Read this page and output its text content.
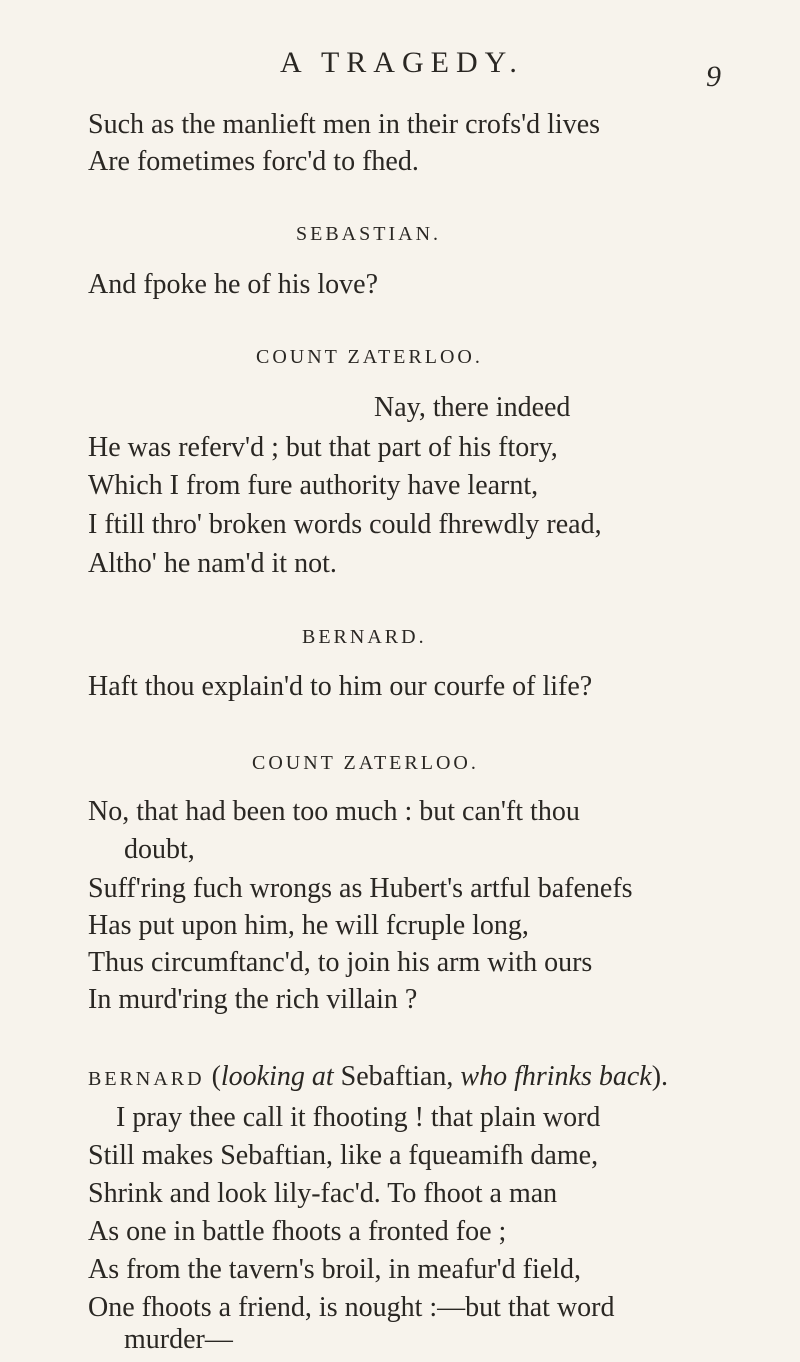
A TRAGEDY.	9
Such as the manlieft men in their crofs'd lives
Are fometimes forc'd to fhed.
SEBASTIAN.
And fpoke he of his love?
COUNT ZATERLOO.
Nay, there indeed
He was referv'd ; but that part of his ftory,
Which I from fure authority have learnt,
I ftill thro' broken words could fhrewdly read,
Altho' he nam'd it not.
BERNARD.
Haft thou explain'd to him our courfe of life?
COUNT ZATERLOO.
No, that had been too much : but can'ft thou
doubt,
Suff'ring fuch wrongs as Hubert's artful bafenefs
Has put upon him, he will fcruple long,
Thus circumftanc'd, to join his arm with ours
In murd'ring the rich villain ?
BERNARD (looking at Sebaftian, who fhrinks back).
I pray thee call it fhooting ! that plain word
Still makes Sebaftian, like a fqueamifh dame,
Shrink and look lily-fac'd. To fhoot a man
As one in battle fhoots a fronted foe ;
As from the tavern's broil, in meafur'd field,
One fhoots a friend, is nought :—but that word
murder—
